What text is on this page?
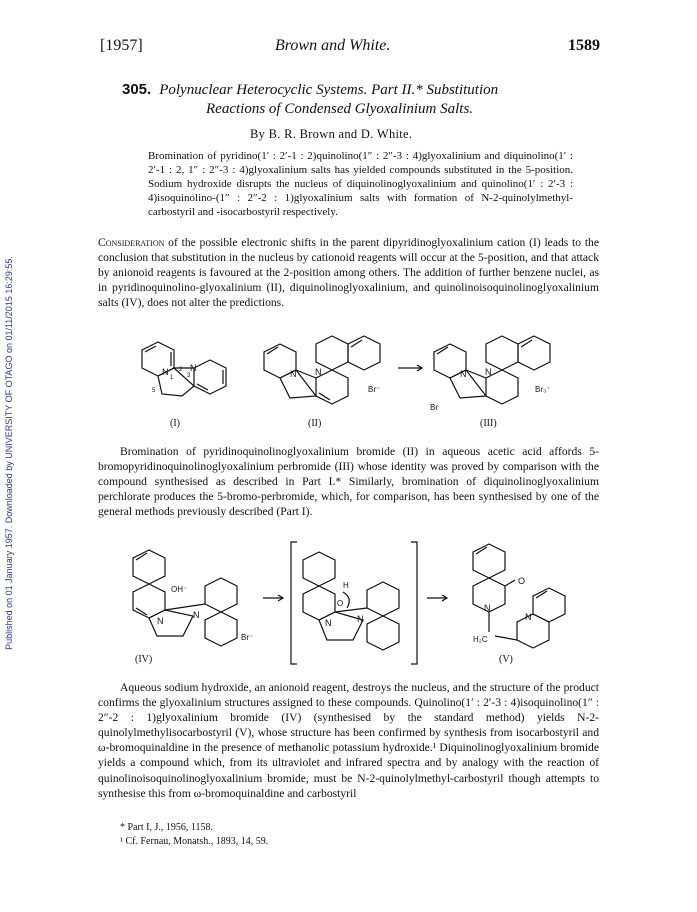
Published on 01 January 1957. Downloaded by UNIVERSITY OF OTAGO on 01/11/2015 16:29:55.
[1957]	Brown and White.	1589
305. Polynuclear Heterocyclic Systems. Part II.* Substitution
Reactions of Condensed Glyoxalinium Salts.
By B. R. Brown and D. White.
Bromination of pyridino(1′ : 2′-1 : 2)quinolino(1″ : 2″-3 : 4)glyoxalinium and diquinolino(1′ : 2′-1 : 2, 1″ : 2″-3 : 4)glyoxalinium salts has yielded compounds substituted in the 5-position. Sodium hydroxide disrupts the nucleus of diquinolinoglyoxalinium and quinolino(1′ : 2′-3 : 4)isoquinolino-(1″ : 2″-2 : 1)glyoxalinium salts with formation of N-2-quinolylmethyl-carbostyril and -isocarbostyril respectively.
Consideration of the possible electronic shifts in the parent dipyridinoglyoxalinium cation (I) leads to the conclusion that substitution in the nucleus by cationoid reagents will occur at the 5-position, and that attack by anionoid reagents is favoured at the 2-position among others. The addition of further benzene nuclei, as in pyridinoquinolino-glyoxalinium (II), diquinolinoglyoxalinium, and quinolinoisoquinolinoglyoxalinium salts (IV), does not alter the predictions.
N
1
2
3
N
5
(I)
N N
Br⁻
(II)
N N
Br
Br₃⁻
(III)
Bromination of pyridinoquinolinoglyoxalinium bromide (II) in aqueous acetic acid affords 5-bromopyridinoquinolinoglyoxalinium perbromide (III) whose identity was proved by comparison with the compound synthesised as described in Part I.* Similarly, bromination of diquinolinoglyoxalinium perchlorate produces the 5-bromo-perbromide, which, for comparison, has been synthesised by one of the general methods previously described (Part I).
N
N
OH⁻
Br⁻
(IV)
H
O
N	N
N
O
H₂C
N
(V)
Aqueous sodium hydroxide, an anionoid reagent, destroys the nucleus, and the structure of the product confirms the glyoxalinium structures assigned to these compounds. Quinolino(1′ : 2′-3 : 4)isoquinolino(1″ : 2″-2 : 1)glyoxalinium bromide (IV) (synthesised by the standard method) yields N-2-quinolylmethylisocarbostyril (V), whose structure has been confirmed by synthesis from isocarbostyril and ω-bromoquinaldine in the presence of methanolic potassium hydroxide.¹ Diquinolinoglyoxalinium bromide yields a compound which, from its ultraviolet and infrared spectra and by analogy with the reaction of quinolinoisoquinolinoglyoxalinium bromide, must be N-2-quinolylmethyl-carbostyril though attempts to synthesise this from ω-bromoquinaldine and carbostyril
* Part I, J., 1956, 1158.
¹ Cf. Fernau, Monatsh., 1893, 14, 59.
